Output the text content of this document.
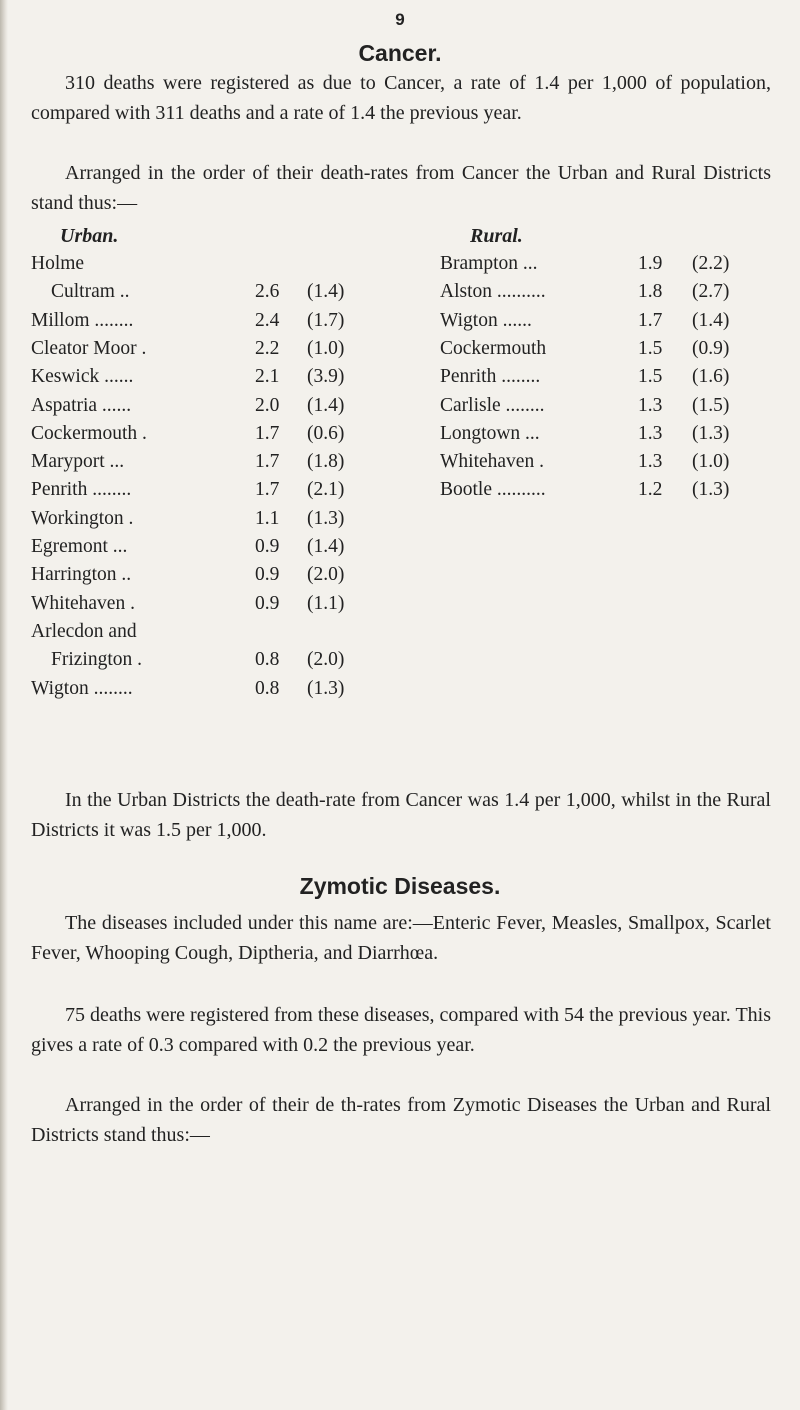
9
Cancer.

310 deaths were registered as due to Cancer, a rate of 1.4 per 1,000 of population, compared with 311 deaths and a rate of 1.4 the previous year.

Arranged in the order of their death-rates from Cancer the Urban and Rural Districts stand thus:—

Urban.	Rural.
Holme
Cultram ..	2.6 (1.4)
Millom ........	2.4 (1.7)
Cleator Moor .	2.2 (1.0)
Keswick ......	2.1 (3.9)
Aspatria ......	2.0 (1.4)
Cockermouth .	1.7 (0.6)
Maryport ...	1.7 (1.8)
Penrith ........	1.7 (2.1)
Workington .	1.1 (1.3)
Egremont ...	0.9 (1.4)
Harrington ..	0.9 (2.0)
Whitehaven .	0.9 (1.1)
Arlecdon and
Frizington .	0.8 (2.0)
Wigton ........	0.8 (1.3)
Brampton ...	1.9 (2.2)
Alston ..........	1.8 (2.7)
Wigton ......	1.7 (1.4)
Cockermouth	1.5 (0.9)
Penrith ........	1.5 (1.6)
Carlisle ........	1.3 (1.5)
Longtown ...	1.3 (1.3)
Whitehaven .	1.3 (1.0)
Bootle ..........	1.2 (1.3)

In the Urban Districts the death-rate from Cancer was 1.4 per 1,000, whilst in the Rural Districts it was 1.5 per 1,000.

Zymotic Diseases.

The diseases included under this name are:—Enteric Fever, Measles, Smallpox, Scarlet Fever, Whooping Cough, Diptheria, and Diarrhœa.

75 deaths were registered from these diseases, compared with 54 the previous year. This gives a rate of 0.3 compared with 0.2 the previous year.

Arranged in the order of their de th-rates from Zymotic Diseases the Urban and Rural Districts stand thus:—
